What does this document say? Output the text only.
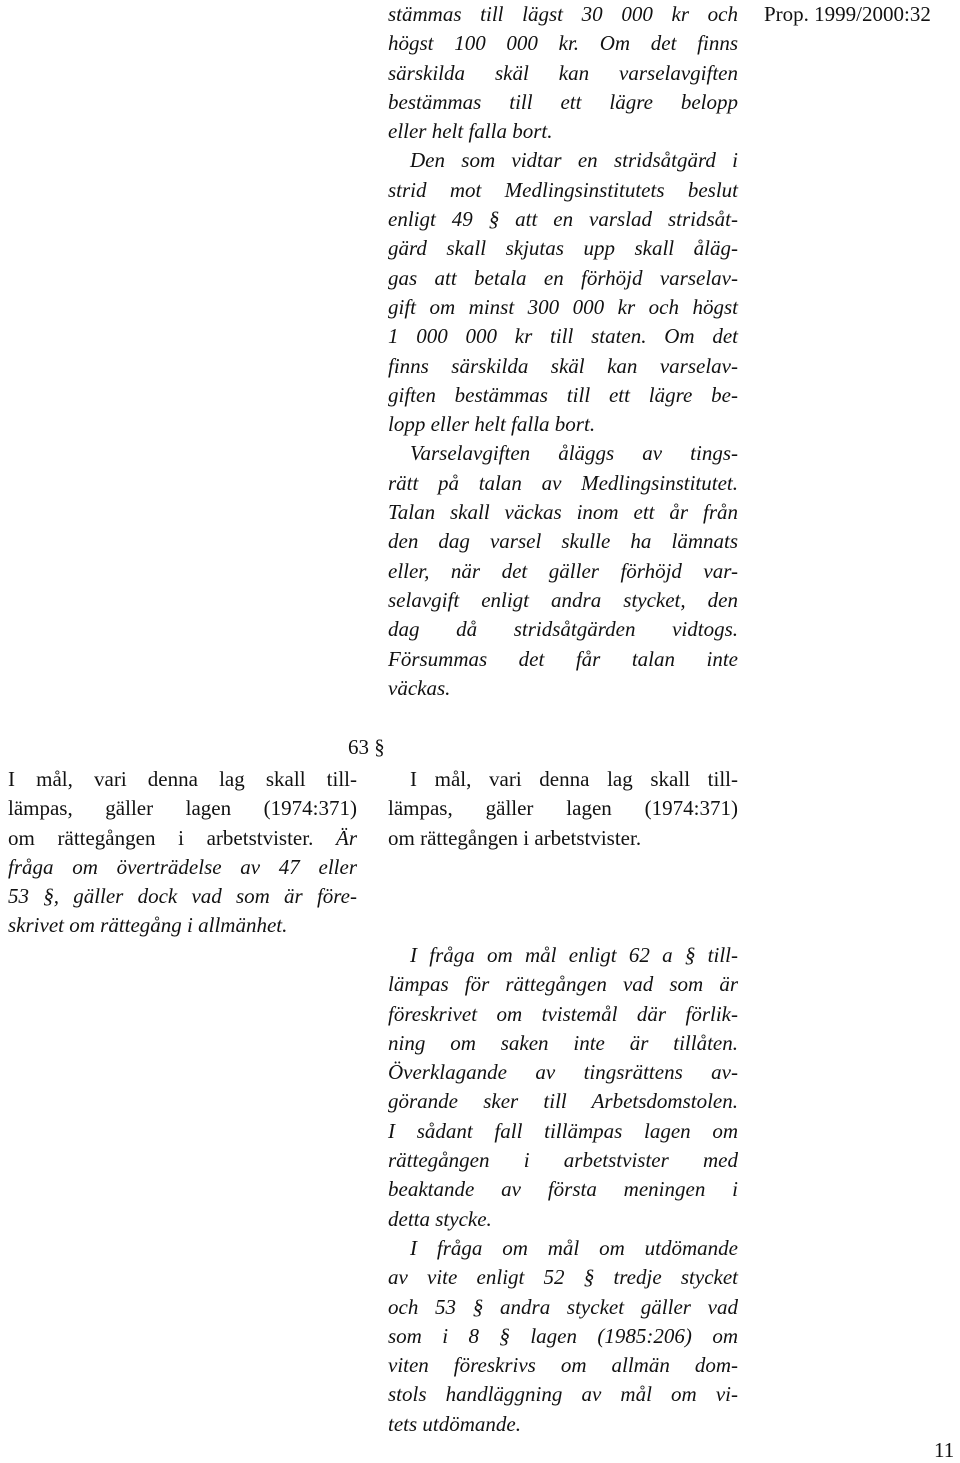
Prop. 1999/2000:32
stämmas till lägst 30 000 kr och
högst 100 000 kr. Om det finns
särskilda skäl kan varselavgiften
bestämmas till ett lägre belopp
eller helt falla bort.
Den som vidtar en stridsåtgärd i
strid mot Medlingsinstitutets beslut
enligt 49 § att en varslad stridsåt-
gärd skall skjutas upp skall åläg-
gas att betala en förhöjd varselav-
gift om minst 300 000 kr och högst
1 000 000 kr till staten. Om det
finns särskilda skäl kan varselav-
giften bestämmas till ett lägre be-
lopp eller helt falla bort.
Varselavgiften åläggs av tings-
rätt på talan av Medlingsinstitutet.
Talan skall väckas inom ett år från
den dag varsel skulle ha lämnats
eller, när det gäller förhöjd var-
selavgift enligt andra stycket, den
dag då stridsåtgärden vidtogs.
Försummas det får talan inte
väckas.
63 §
I mål, vari denna lag skall till-
lämpas, gäller lagen (1974:371)
om rättegången i arbetstvister. Är
fråga om överträdelse av 47 eller
53 §, gäller dock vad som är före-
skrivet om rättegång i allmänhet.
I mål, vari denna lag skall till-
lämpas, gäller lagen (1974:371)
om rättegången i arbetstvister.
I fråga om mål enligt 62 a § till-
lämpas för rättegången vad som är
föreskrivet om tvistemål där förlik-
ning om saken inte är tillåten.
Överklagande av tingsrättens av-
görande sker till Arbetsdomstolen.
I sådant fall tillämpas lagen om
rättegången i arbetstvister med
beaktande av första meningen i
detta stycke.
I fråga om mål om utdömande
av vite enligt 52 § tredje stycket
och 53 § andra stycket gäller vad
som i 8 § lagen (1985:206) om
viten föreskrivs om allmän dom-
stols handläggning av mål om vi-
tets utdömande.
11
